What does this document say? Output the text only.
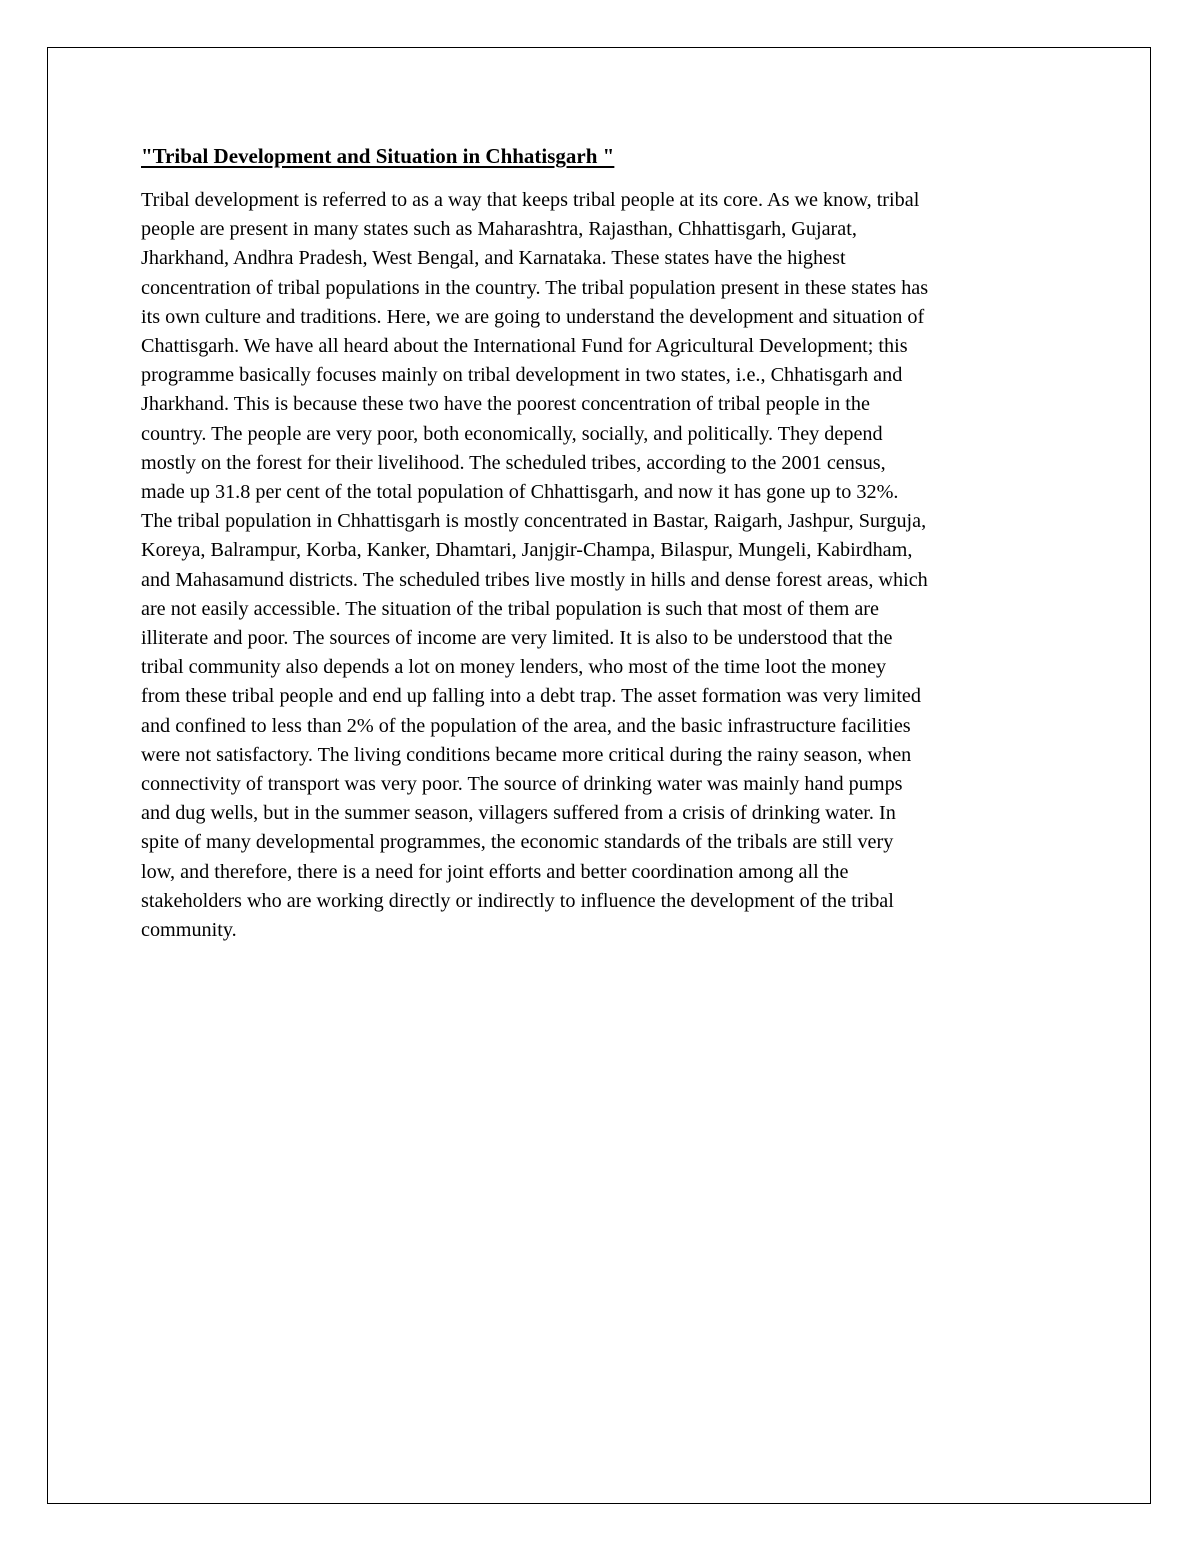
"Tribal Development and Situation in Chhatisgarh "

Tribal development is referred to as a way that keeps tribal people at its core. As we know, tribal
people are present in many states such as Maharashtra, Rajasthan, Chhattisgarh, Gujarat,
Jharkhand, Andhra Pradesh, West Bengal, and Karnataka. These states have the highest
concentration of tribal populations in the country. The tribal population present in these states has
its own culture and traditions. Here, we are going to understand the development and situation of
Chattisgarh. We have all heard about the International Fund for Agricultural Development; this
programme basically focuses mainly on tribal development in two states, i.e., Chhatisgarh and
Jharkhand. This is because these two have the poorest concentration of tribal people in the
country. The people are very poor, both economically, socially, and politically. They depend
mostly on the forest for their livelihood. The scheduled tribes, according to the 2001 census,
made up 31.8 per cent of the total population of Chhattisgarh, and now it has gone up to 32%.
The tribal population in Chhattisgarh is mostly concentrated in Bastar, Raigarh, Jashpur, Surguja,
Koreya, Balrampur, Korba, Kanker, Dhamtari, Janjgir-Champa, Bilaspur, Mungeli, Kabirdham,
and Mahasamund districts. The scheduled tribes live mostly in hills and dense forest areas, which
are not easily accessible. The situation of the tribal population is such that most of them are
illiterate and poor. The sources of income are very limited. It is also to be understood that the
tribal community also depends a lot on money lenders, who most of the time loot the money
from these tribal people and end up falling into a debt trap. The asset formation was very limited
and confined to less than 2% of the population of the area, and the basic infrastructure facilities
were not satisfactory. The living conditions became more critical during the rainy season, when
connectivity of transport was very poor. The source of drinking water was mainly hand pumps
and dug wells, but in the summer season, villagers suffered from a crisis of drinking water. In
spite of many developmental programmes, the economic standards of the tribals are still very
low, and therefore, there is a need for joint efforts and better coordination among all the
stakeholders who are working directly or indirectly to influence the development of the tribal
community.
